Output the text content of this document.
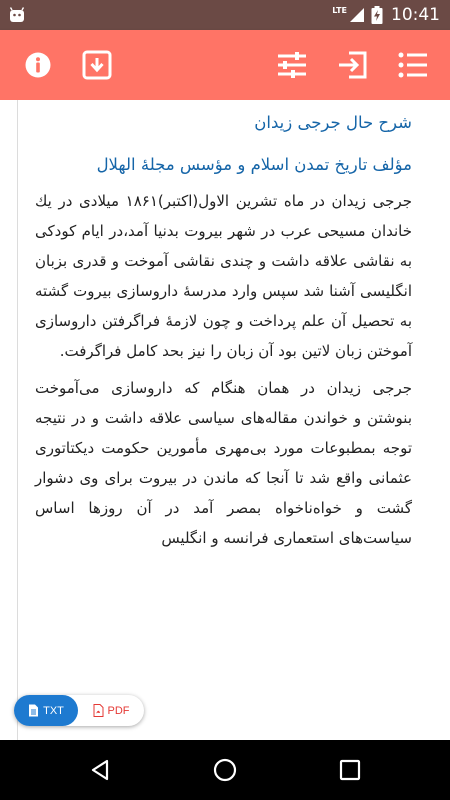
LTE	10:41
شرح حال جرجی زیدان
مؤلف تاریخ تمدن اسلام و مؤسس مجلهٔ الهلال

جرجی زیدان در ماه تشرین الاول(اکتبر)۱۸۶۱ میلادی در یك خاندان مسیحی عرب در شهر بیروت بدنیا آمد،در ایام کودکی به نقاشی علاقه داشت و چندی نقاشی آموخت و قدری بزبان انگلیسی آشنا شد سپس وارد مدرسهٔ داروسازی بیروت گشته به تحصیل آن علم پرداخت و چون لازمهٔ فراگرفتن داروسازی آموختن زبان لاتین بود آن زبان را نیز بحد کامل فراگرفت.

جرجی زیدان در همان هنگام که داروسازی می‌آموخت بنوشتن و خواندن مقاله‌های سیاسی علاقه داشت و در نتیجه توجه بمطبوعات مورد بی‌مهری مأمورین حکومت دیکتاتوری عثمانی واقع شد تا آنجا که ماندن در بیروت برای وی دشوار گشت و خواه‌ناخواه بمصر آمد در آن روزها اساس سیاست‌های استعماری فرانسه و انگلیس

TXT	PDF
